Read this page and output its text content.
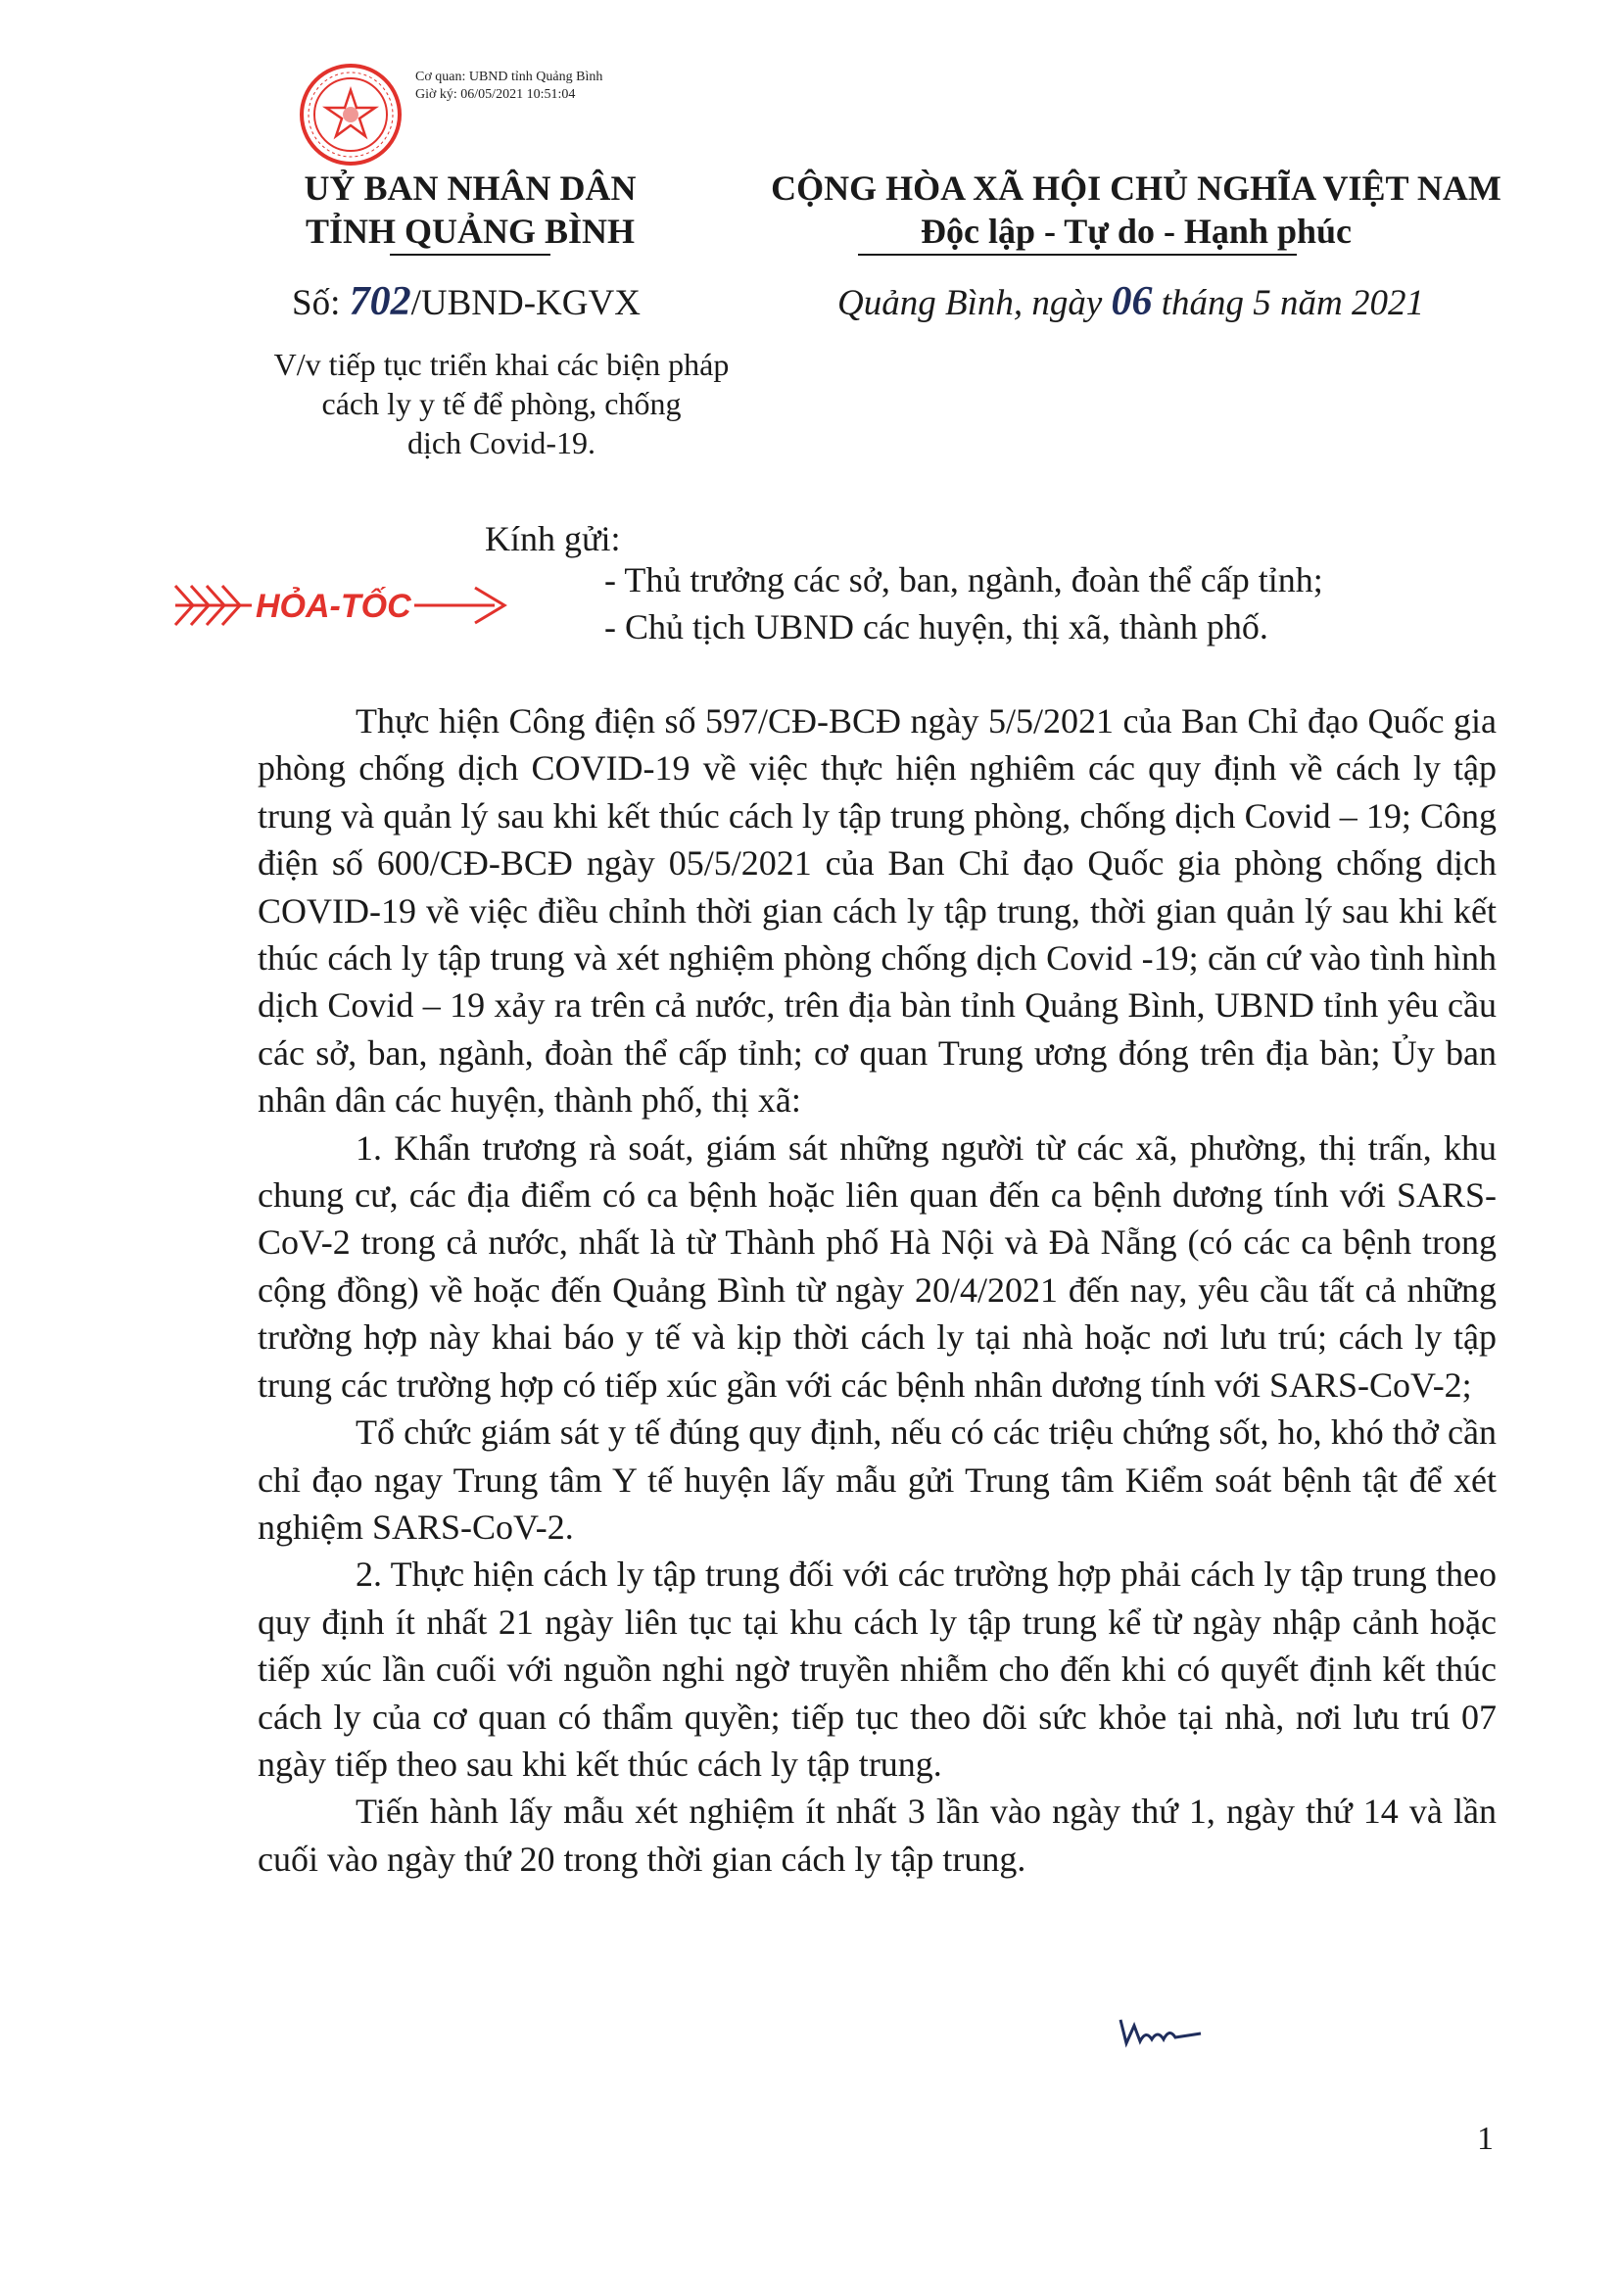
Cơ quan: UBND tỉnh Quảng Bình
Giờ ký: 06/05/2021 10:51:04
UỶ BAN NHÂN DÂN
TỈNH QUẢNG BÌNH
CỘNG HÒA XÃ HỘI CHỦ NGHĨA VIỆT NAM
Độc lập - Tự do - Hạnh phúc
Số: 702/UBND-KGVX	Quảng Bình, ngày 06 tháng 5 năm 2021
V/v tiếp tục triển khai các biện pháp
cách ly y tế để phòng, chống
dịch Covid-19.
HỎA-TỐC
Kính gửi:
- Thủ trưởng các sở, ban, ngành, đoàn thể cấp tỉnh;
- Chủ tịch UBND các huyện, thị xã, thành phố.

Thực hiện Công điện số 597/CĐ-BCĐ ngày 5/5/2021 của Ban Chỉ đạo Quốc gia phòng chống dịch COVID-19 về việc thực hiện nghiêm các quy định về cách ly tập trung và quản lý sau khi kết thúc cách ly tập trung phòng, chống dịch Covid – 19; Công điện số 600/CĐ-BCĐ ngày 05/5/2021 của Ban Chỉ đạo Quốc gia phòng chống dịch COVID-19 về việc điều chỉnh thời gian cách ly tập trung, thời gian quản lý sau khi kết thúc cách ly tập trung và xét nghiệm phòng chống dịch Covid -19; căn cứ vào tình hình dịch Covid – 19 xảy ra trên cả nước, trên địa bàn tỉnh Quảng Bình, UBND tỉnh yêu cầu các sở, ban, ngành, đoàn thể cấp tỉnh; cơ quan Trung ương đóng trên địa bàn; Ủy ban nhân dân các huyện, thành phố, thị xã:

1. Khẩn trương rà soát, giám sát những người từ các xã, phường, thị trấn, khu chung cư, các địa điểm có ca bệnh hoặc liên quan đến ca bệnh dương tính với SARS-CoV-2 trong cả nước, nhất là từ Thành phố Hà Nội và Đà Nẵng (có các ca bệnh trong cộng đồng) về hoặc đến Quảng Bình từ ngày 20/4/2021 đến nay, yêu cầu tất cả những trường hợp này khai báo y tế và kịp thời cách ly tại nhà hoặc nơi lưu trú; cách ly tập trung các trường hợp có tiếp xúc gần với các bệnh nhân dương tính với SARS-CoV-2;

Tổ chức giám sát y tế đúng quy định, nếu có các triệu chứng sốt, ho, khó thở cần chỉ đạo ngay Trung tâm Y tế huyện lấy mẫu gửi Trung tâm Kiểm soát bệnh tật để xét nghiệm SARS-CoV-2.

2. Thực hiện cách ly tập trung đối với các trường hợp phải cách ly tập trung theo quy định ít nhất 21 ngày liên tục tại khu cách ly tập trung kể từ ngày nhập cảnh hoặc tiếp xúc lần cuối với nguồn nghi ngờ truyền nhiễm cho đến khi có quyết định kết thúc cách ly của cơ quan có thẩm quyền; tiếp tục theo dõi sức khỏe tại nhà, nơi lưu trú 07 ngày tiếp theo sau khi kết thúc cách ly tập trung.

Tiến hành lấy mẫu xét nghiệm ít nhất 3 lần vào ngày thứ 1, ngày thứ 14 và lần cuối vào ngày thứ 20 trong thời gian cách ly tập trung.

1
